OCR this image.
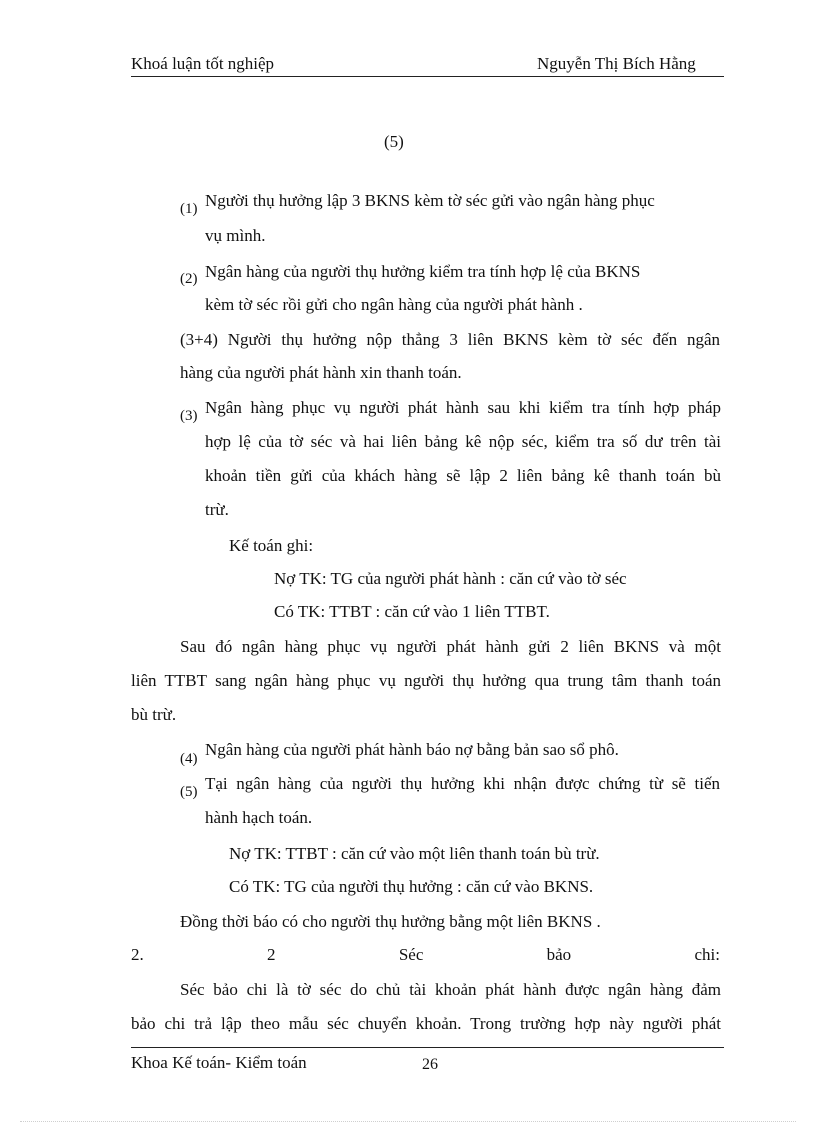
Khoá luận tốt nghiệp	Nguyễn Thị Bích Hằng
(5)
(1) Người thụ hưởng lập 3 BKNS kèm tờ séc gửi vào ngân hàng phục
vụ mình.
(2) Ngân hàng của người thụ hưởng kiểm tra tính hợp lệ của BKNS
kèm tờ séc rồi gửi cho ngân hàng của người phát hành .
(3+4) Người thụ hưởng nộp thẳng 3 liên BKNS kèm tờ séc đến ngân
hàng của người phát hành xin thanh toán.
(3) Ngân hàng phục vụ người phát hành sau khi kiểm tra tính hợp pháp
hợp lệ của tờ séc và hai liên bảng kê nộp séc, kiểm tra số dư trên tài
khoản tiền gửi của khách hàng sẽ lập 2 liên bảng kê thanh toán bù
trừ.
Kế toán ghi:
Nợ TK: TG của người phát hành : căn cứ vào tờ séc
Có TK: TTBT : căn cứ vào 1 liên TTBT.
Sau đó ngân hàng phục vụ người phát hành gửi 2 liên BKNS và một
liên TTBT sang ngân hàng phục vụ người thụ hưởng qua trung tâm thanh toán
bù trừ.
(4) Ngân hàng của người phát hành báo nợ bằng bản sao sổ phô.
(5) Tại ngân hàng của người thụ hưởng khi nhận được chứng từ sẽ tiến
hành hạch toán.
Nợ TK: TTBT : căn cứ vào một liên thanh toán bù trừ.
Có TK: TG của người thụ hưởng : căn cứ vào BKNS.
Đồng thời báo có cho người thụ hưởng bằng một liên BKNS .
2.	2	Séc	bảo	chi:
Séc bảo chi là tờ séc do chủ tài khoản phát hành được ngân hàng đảm
bảo chi trả lập theo mẫu séc chuyển khoản. Trong trường hợp này người phát
Khoa Kế toán- Kiểm toán	26
